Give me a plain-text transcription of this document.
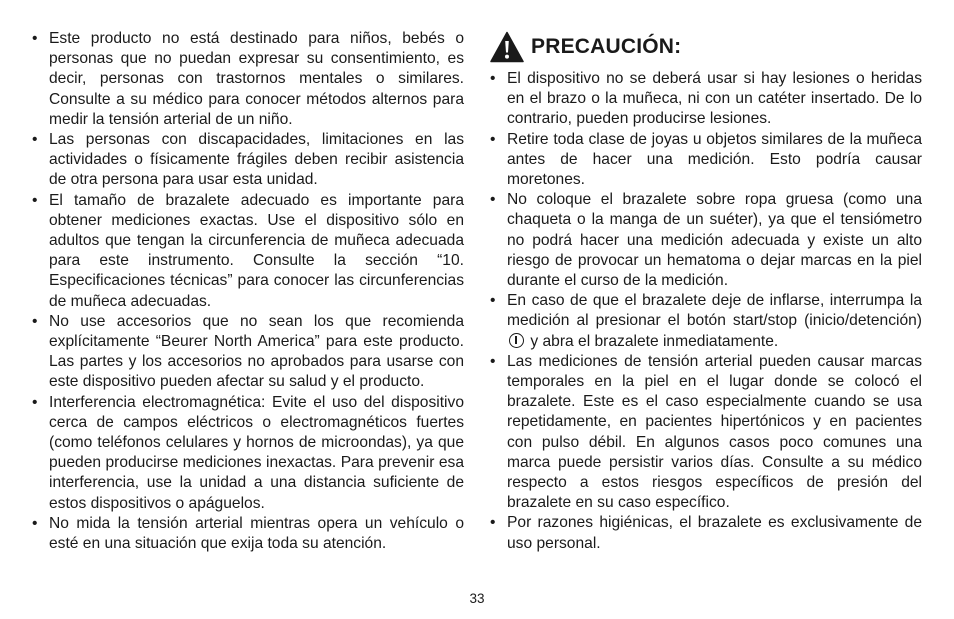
• Este producto no está destinado para niños, bebés o personas que no puedan expresar su consentimiento, es decir, personas con trastornos mentales o similares. Consulte a su médico para conocer métodos alternos para medir la tensión arterial de un niño.
• Las personas con discapacidades, limitaciones en las actividades o físicamente frágiles deben recibir asistencia de otra persona para usar esta unidad.
• El tamaño de brazalete adecuado es importante para obtener mediciones exactas. Use el dispositivo sólo en adultos que tengan la circunferencia de muñeca adecuada para este instrumento. Consulte la sección “10. Especificaciones técnicas” para conocer las circunferencias de muñeca adecuadas.
• No use accesorios que no sean los que recomienda explícitamente “Beurer North America” para este producto. Las partes y los accesorios no aprobados para usarse con este dispositivo pueden afectar su salud y el producto.
• Interferencia electromagnética: Evite el uso del dispositivo cerca de campos eléctricos o electromagnéticos fuertes (como teléfonos celulares y hornos de microondas), ya que pueden producirse mediciones inexactas. Para prevenir esa interferencia, use la unidad a una distancia suficiente de estos dispositivos o apáguelos.
• No mida la tensión arterial mientras opera un vehículo o esté en una situación que exija toda su atención.
PRECAUCIÓN:
• El dispositivo no se deberá usar si hay lesiones o heridas en el brazo o la muñeca, ni con un catéter insertado. De lo contrario, pueden producirse lesiones.
• Retire toda clase de joyas u objetos similares de la muñeca antes de hacer una medición. Esto podría causar moretones.
• No coloque el brazalete sobre ropa gruesa (como una chaqueta o la manga de un suéter), ya que el tensiómetro no podrá hacer una medición adecuada y existe un alto riesgo de provocar un hematoma o dejar marcas en la piel durante el curso de la medición.
• En caso de que el brazalete deje de inflarse, interrumpa la medición al presionar el botón start/stop (inicio/detención)  y abra el brazalete inmediatamente.
• Las mediciones de tensión arterial pueden causar marcas temporales en la piel en el lugar donde se colocó el brazalete. Este es el caso especialmente cuando se usa repetidamente, en pacientes hipertónicos y en pacientes con pulso débil. En algunos casos poco comunes una marca puede persistir varios días. Consulte a su médico respecto a estos riesgos específicos de presión del brazalete en su caso específico.
• Por razones higiénicas, el brazalete es exclusivamente de uso personal.
33
